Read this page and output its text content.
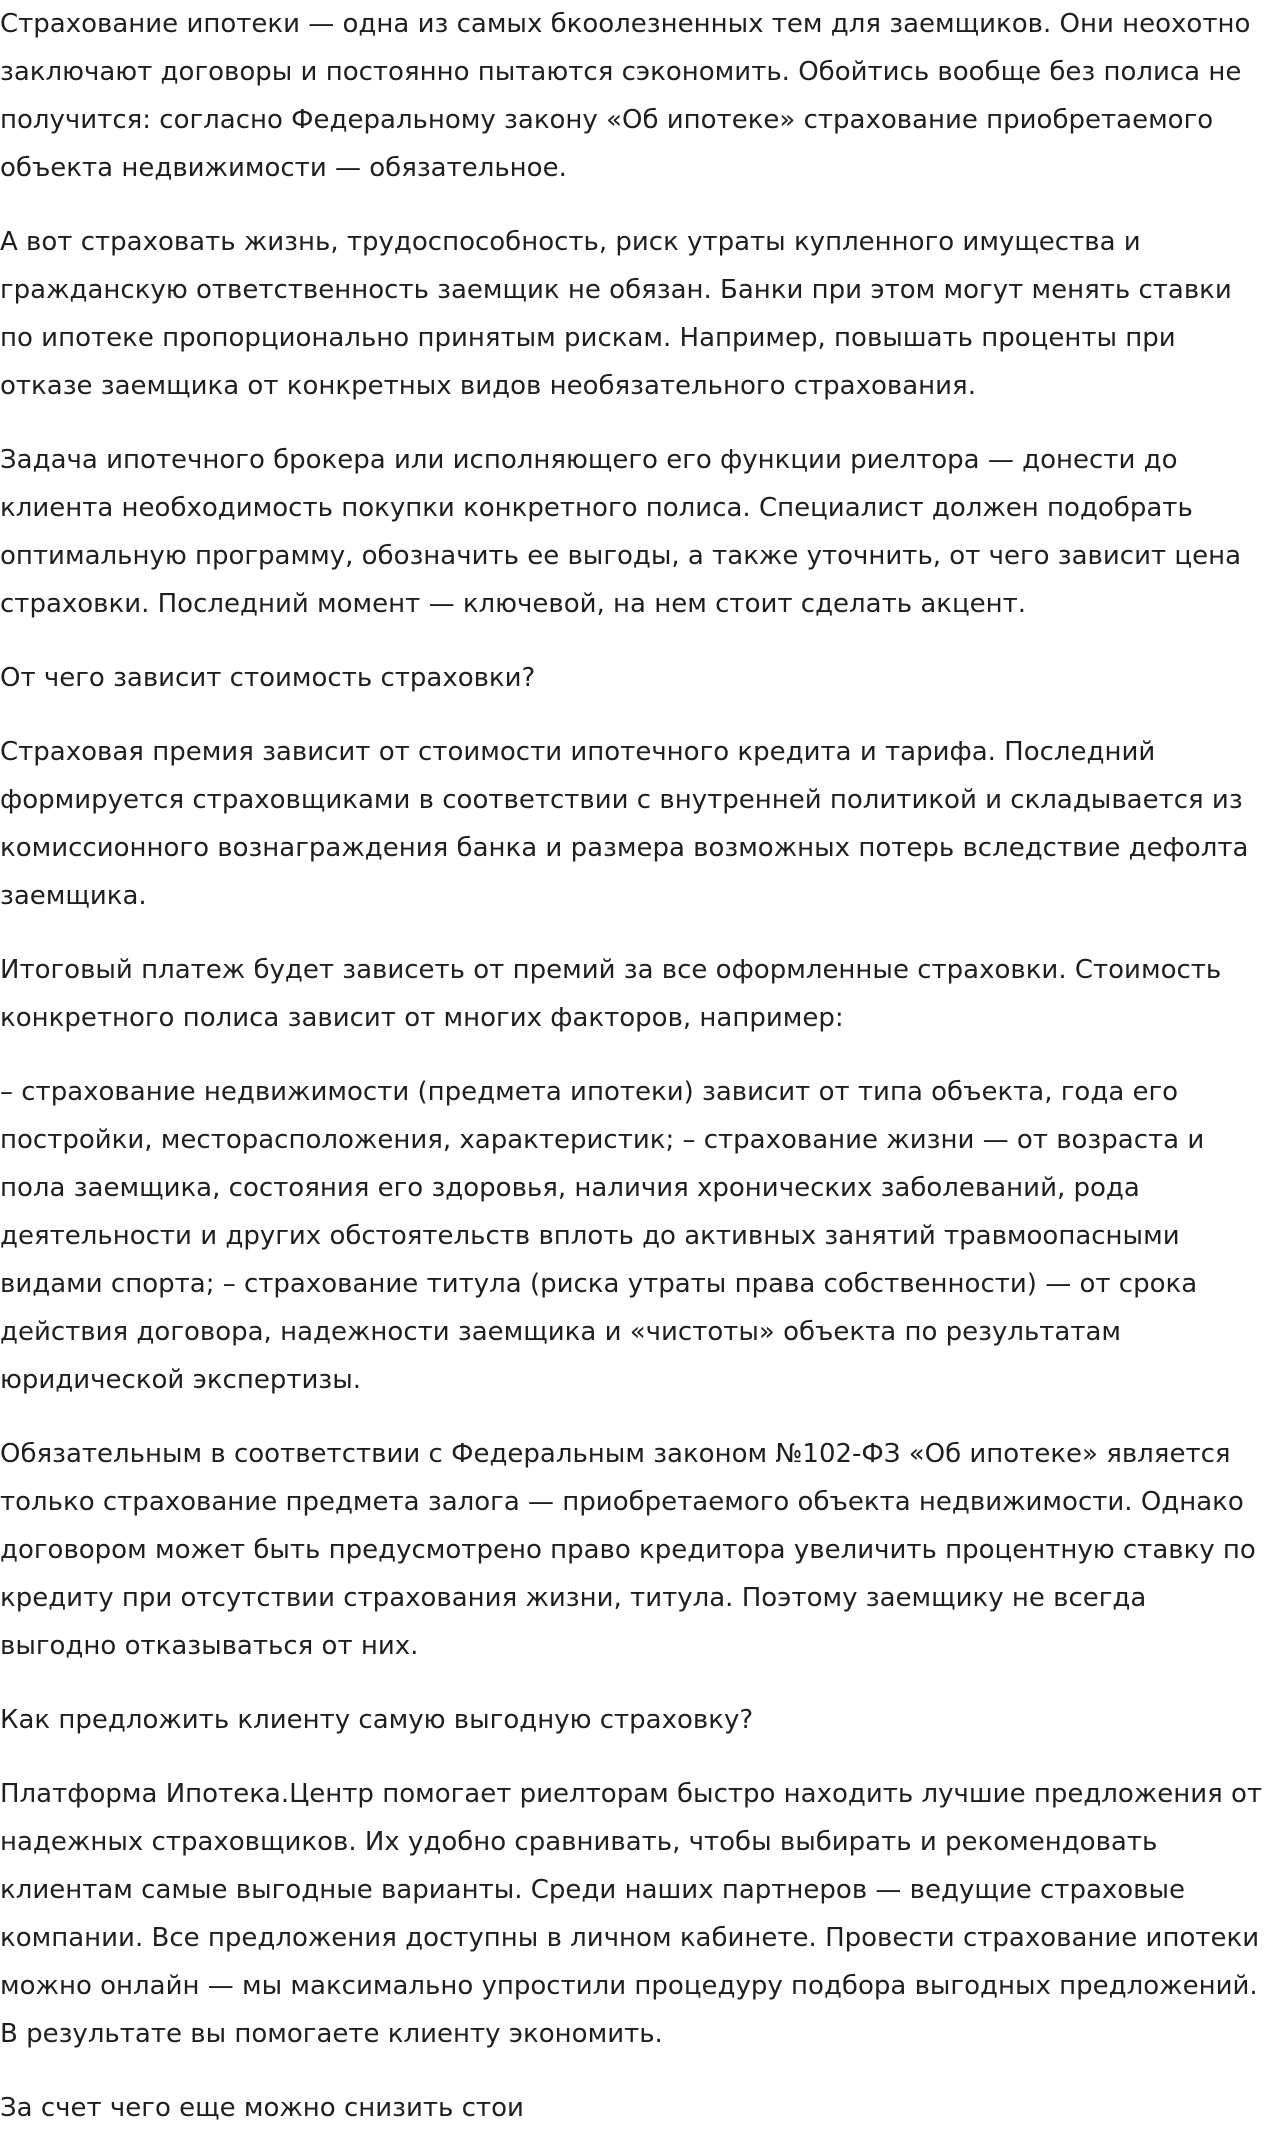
Страхование ипотеки — одна из самых бкоолезненных тем для заемщиков. Они неохотно заключают договоры и постоянно пытаются сэкономить. Обойтись вообще без полиса не получится: согласно Федеральному закону «Об ипотеке» страхование приобретаемого объекта недвижимости — обязательное.

А вот страховать жизнь, трудоспособность, риск утраты купленного имущества и гражданскую ответственность заемщик не обязан. Банки при этом могут менять ставки по ипотеке пропорционально принятым рискам. Например, повышать проценты при отказе заемщика от конкретных видов необязательного страхования.

Задача ипотечного брокера или исполняющего его функции риелтора — донести до клиента необходимость покупки конкретного полиса. Специалист должен подобрать оптимальную программу, обозначить ее выгоды, а также уточнить, от чего зависит цена страховки. Последний момент — ключевой, на нем стоит сделать акцент.

От чего зависит стоимость страховки?

Страховая премия зависит от стоимости ипотечного кредита и тарифа. Последний формируется страховщиками в соответствии с внутренней политикой и складывается из комиссионного вознаграждения банка и размера возможных потерь вследствие дефолта заемщика.

Итоговый платеж будет зависеть от премий за все оформленные страховки. Стоимость конкретного полиса зависит от многих факторов, например:

– страхование недвижимости (предмета ипотеки) зависит от типа объекта, года его постройки, месторасположения, характеристик; – страхование жизни — от возраста и пола заемщика, состояния его здоровья, наличия хронических заболеваний, рода деятельности и других обстоятельств вплоть до активных занятий травмоопасными видами спорта; – страхование титула (риска утраты права собственности) — от срока действия договора, надежности заемщика и «чистоты» объекта по результатам юридической экспертизы.

Обязательным в соответствии с Федеральным законом №102-ФЗ «Об ипотеке» является только страхование предмета залога — приобретаемого объекта недвижимости. Однако договором может быть предусмотрено право кредитора увеличить процентную ставку по кредиту при отсутствии страхования жизни, титула. Поэтому заемщику не всегда выгодно отказываться от них.

Как предложить клиенту самую выгодную страховку?

Платформа Ипотека.Центр помогает риелторам быстро находить лучшие предложения от надежных страховщиков. Их удобно сравнивать, чтобы выбирать и рекомендовать клиентам самые выгодные варианты. Среди наших партнеров — ведущие страховые компании. Все предложения доступны в личном кабинете. Провести страхование ипотеки можно онлайн — мы максимально упростили процедуру подбора выгодных предложений. В результате вы помогаете клиенту экономить.

За счет чего еще можно снизить стои
